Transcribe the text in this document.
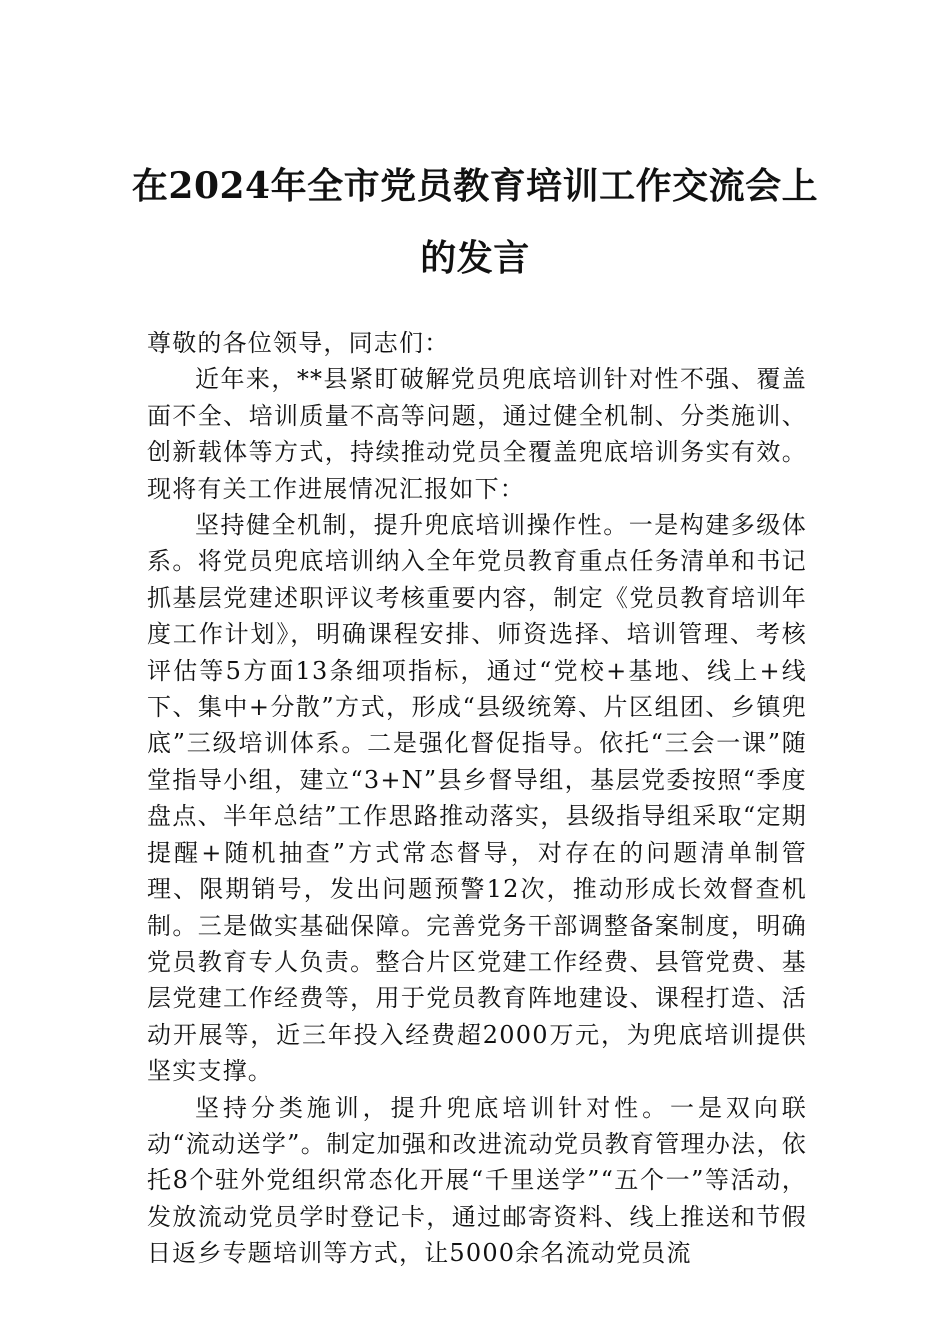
在2024年全市党员教育培训工作交流会上
的发言

尊敬的各位领导，同志们：

近年来，**县紧盯破解党员兜底培训针对性不强、覆盖面不全、培训质量不高等问题，通过健全机制、分类施训、创新载体等方式，持续推动党员全覆盖兜底培训务实有效。现将有关工作进展情况汇报如下：

坚持健全机制，提升兜底培训操作性。一是构建多级体系。将党员兜底培训纳入全年党员教育重点任务清单和书记抓基层党建述职评议考核重要内容，制定《党员教育培训年度工作计划》，明确课程安排、师资选择、培训管理、考核评估等5方面13条细项指标，通过“党校+基地、线上+线下、集中+分散”方式，形成“县级统筹、片区组团、乡镇兜底”三级培训体系。二是强化督促指导。依托“三会一课”随堂指导小组，建立“3+N”县乡督导组，基层党委按照“季度盘点、半年总结”工作思路推动落实，县级指导组采取“定期提醒+随机抽查”方式常态督导，对存在的问题清单制管理、限期销号，发出问题预警12次，推动形成长效督查机制。三是做实基础保障。完善党务干部调整备案制度，明确党员教育专人负责。整合片区党建工作经费、县管党费、基层党建工作经费等，用于党员教育阵地建设、课程打造、活动开展等，近三年投入经费超2000万元，为兜底培训提供坚实支撑。

坚持分类施训，提升兜底培训针对性。一是双向联动“流动送学”。制定加强和改进流动党员教育管理办法，依托8个驻外党组织常态化开展“千里送学”“五个一”等活动，发放流动党员学时登记卡，通过邮寄资料、线上推送和节假日返乡专题培训等方式，让5000余名流动党员流
